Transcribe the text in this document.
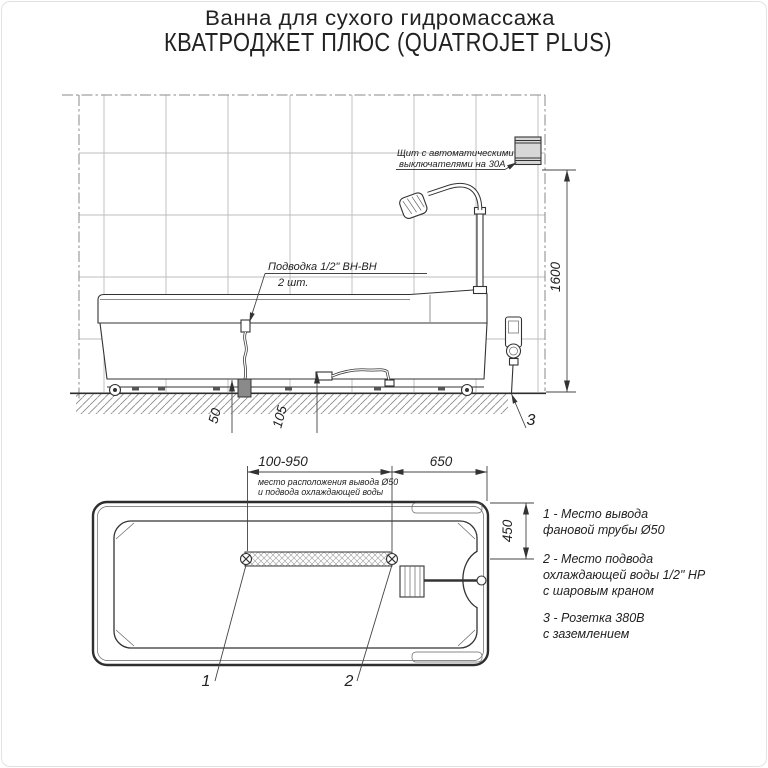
Ванна для сухого гидромассажа
КВАТРОДЖЕТ ПЛЮС (QUATROJET PLUS)
Щит с автоматическими
выключателями на 30А
Подводка 1/2" ВН-ВН
2 шт.
3
1600
50	105
1	2
100-950	650
место расположения вывода Ø50
и подвода охлаждающей воды
450
1 - Место вывода
фановой трубы Ø50
2 - Место подвода
охлаждающей воды 1/2" НР
с шаровым краном
3 - Розетка 380В
с заземлением
